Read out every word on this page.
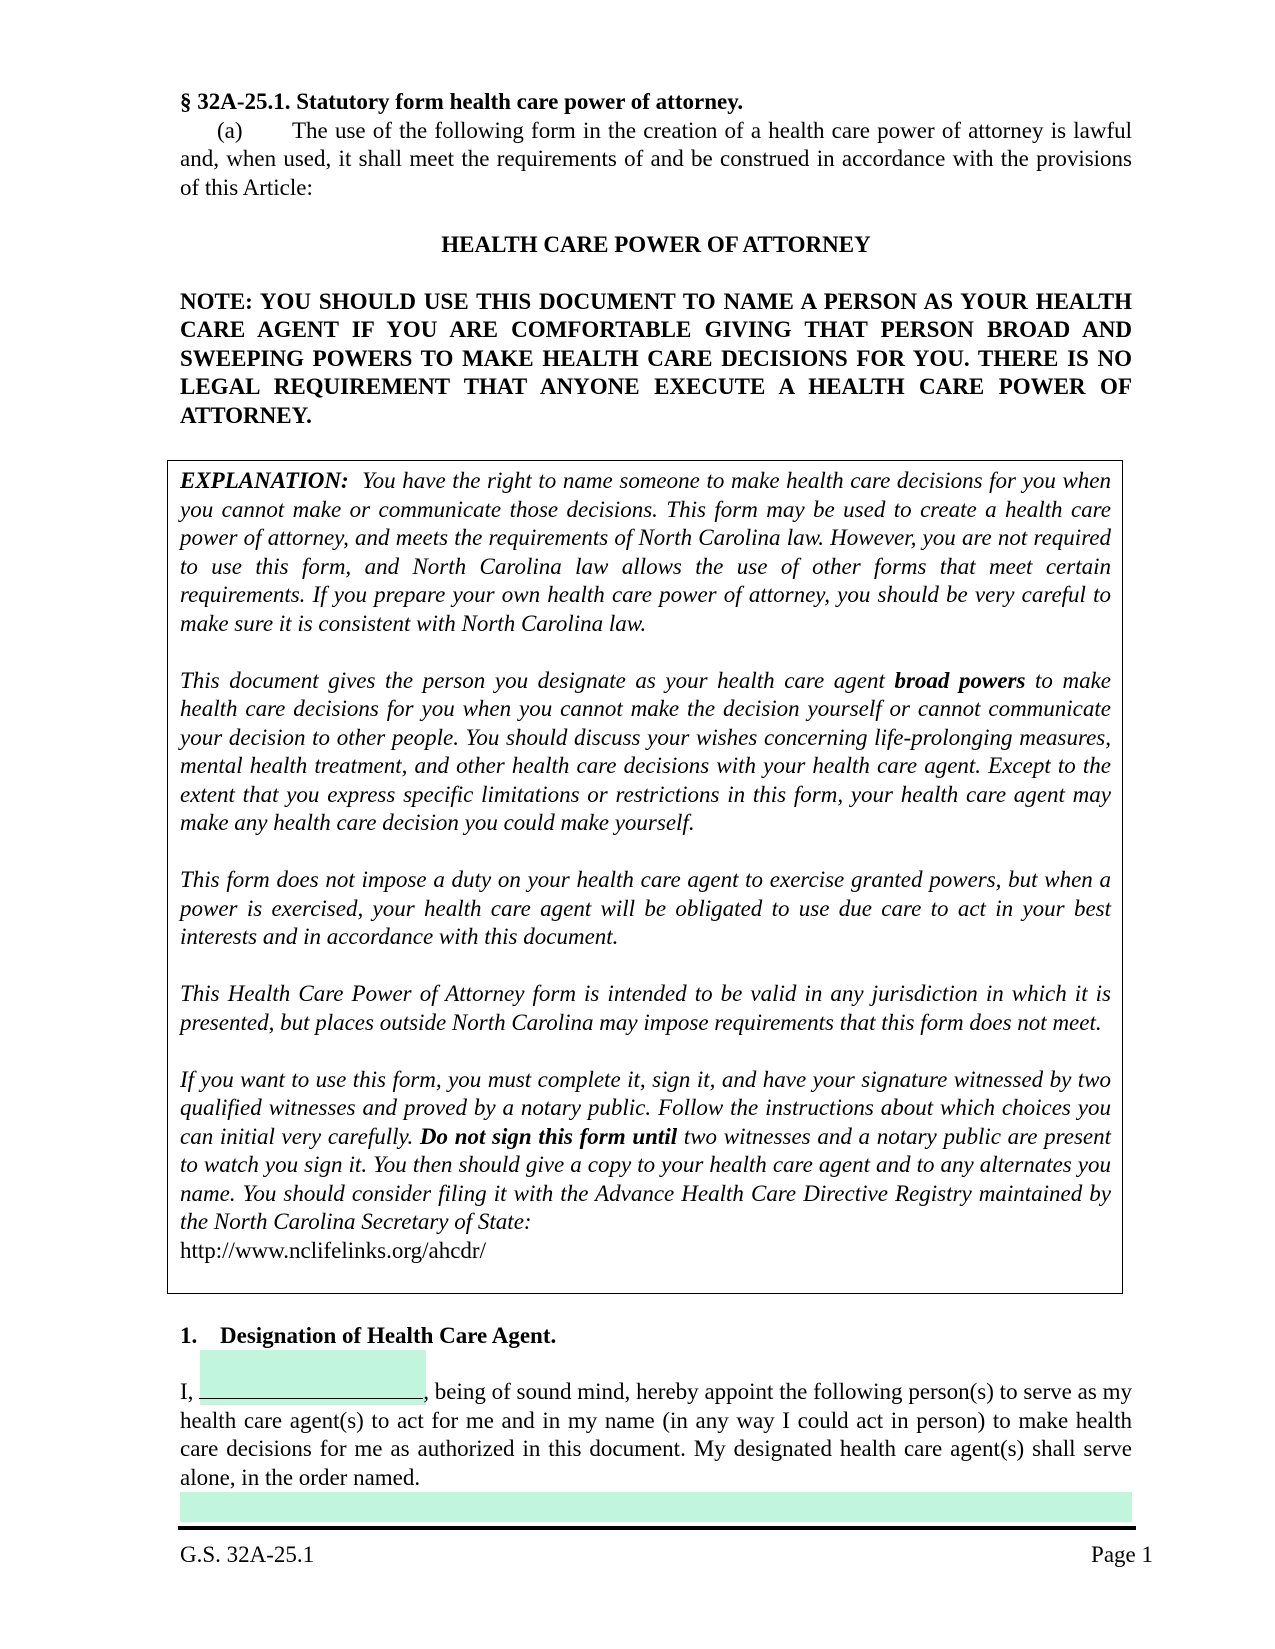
§ 32A-25.1. Statutory form health care power of attorney.

(a) The use of the following form in the creation of a health care power of attorney is lawful and, when used, it shall meet the requirements of and be construed in accordance with the provisions of this Article:

HEALTH CARE POWER OF ATTORNEY

NOTE: YOU SHOULD USE THIS DOCUMENT TO NAME A PERSON AS YOUR HEALTH CARE AGENT IF YOU ARE COMFORTABLE GIVING THAT PERSON BROAD AND SWEEPING POWERS TO MAKE HEALTH CARE DECISIONS FOR YOU. THERE IS NO LEGAL REQUIREMENT THAT ANYONE EXECUTE A HEALTH CARE POWER OF ATTORNEY.

EXPLANATION: You have the right to name someone to make health care decisions for you when you cannot make or communicate those decisions. This form may be used to create a health care power of attorney, and meets the requirements of North Carolina law. However, you are not required to use this form, and North Carolina law allows the use of other forms that meet certain requirements. If you prepare your own health care power of attorney, you should be very careful to make sure it is consistent with North Carolina law.

This document gives the person you designate as your health care agent broad powers to make health care decisions for you when you cannot make the decision yourself or cannot communicate your decision to other people. You should discuss your wishes concerning life-prolonging measures, mental health treatment, and other health care decisions with your health care agent. Except to the extent that you express specific limitations or restrictions in this form, your health care agent may make any health care decision you could make yourself.

This form does not impose a duty on your health care agent to exercise granted powers, but when a power is exercised, your health care agent will be obligated to use due care to act in your best interests and in accordance with this document.

This Health Care Power of Attorney form is intended to be valid in any jurisdiction in which it is presented, but places outside North Carolina may impose requirements that this form does not meet.

If you want to use this form, you must complete it, sign it, and have your signature witnessed by two qualified witnesses and proved by a notary public. Follow the instructions about which choices you can initial very carefully. Do not sign this form until two witnesses and a notary public are present to watch you sign it. You then should give a copy to your health care agent and to any alternates you name. You should consider filing it with the Advance Health Care Directive Registry maintained by the North Carolina Secretary of State:
http://www.nclifelinks.org/ahcdr/

1. Designation of Health Care Agent.

I,	, being of sound mind, hereby appoint the following person(s) to serve as my health care agent(s) to act for me and in my name (in any way I could act in person) to make health care decisions for me as authorized in this document. My designated health care agent(s) shall serve alone, in the order named.

G.S. 32A-25.1	Page 1
